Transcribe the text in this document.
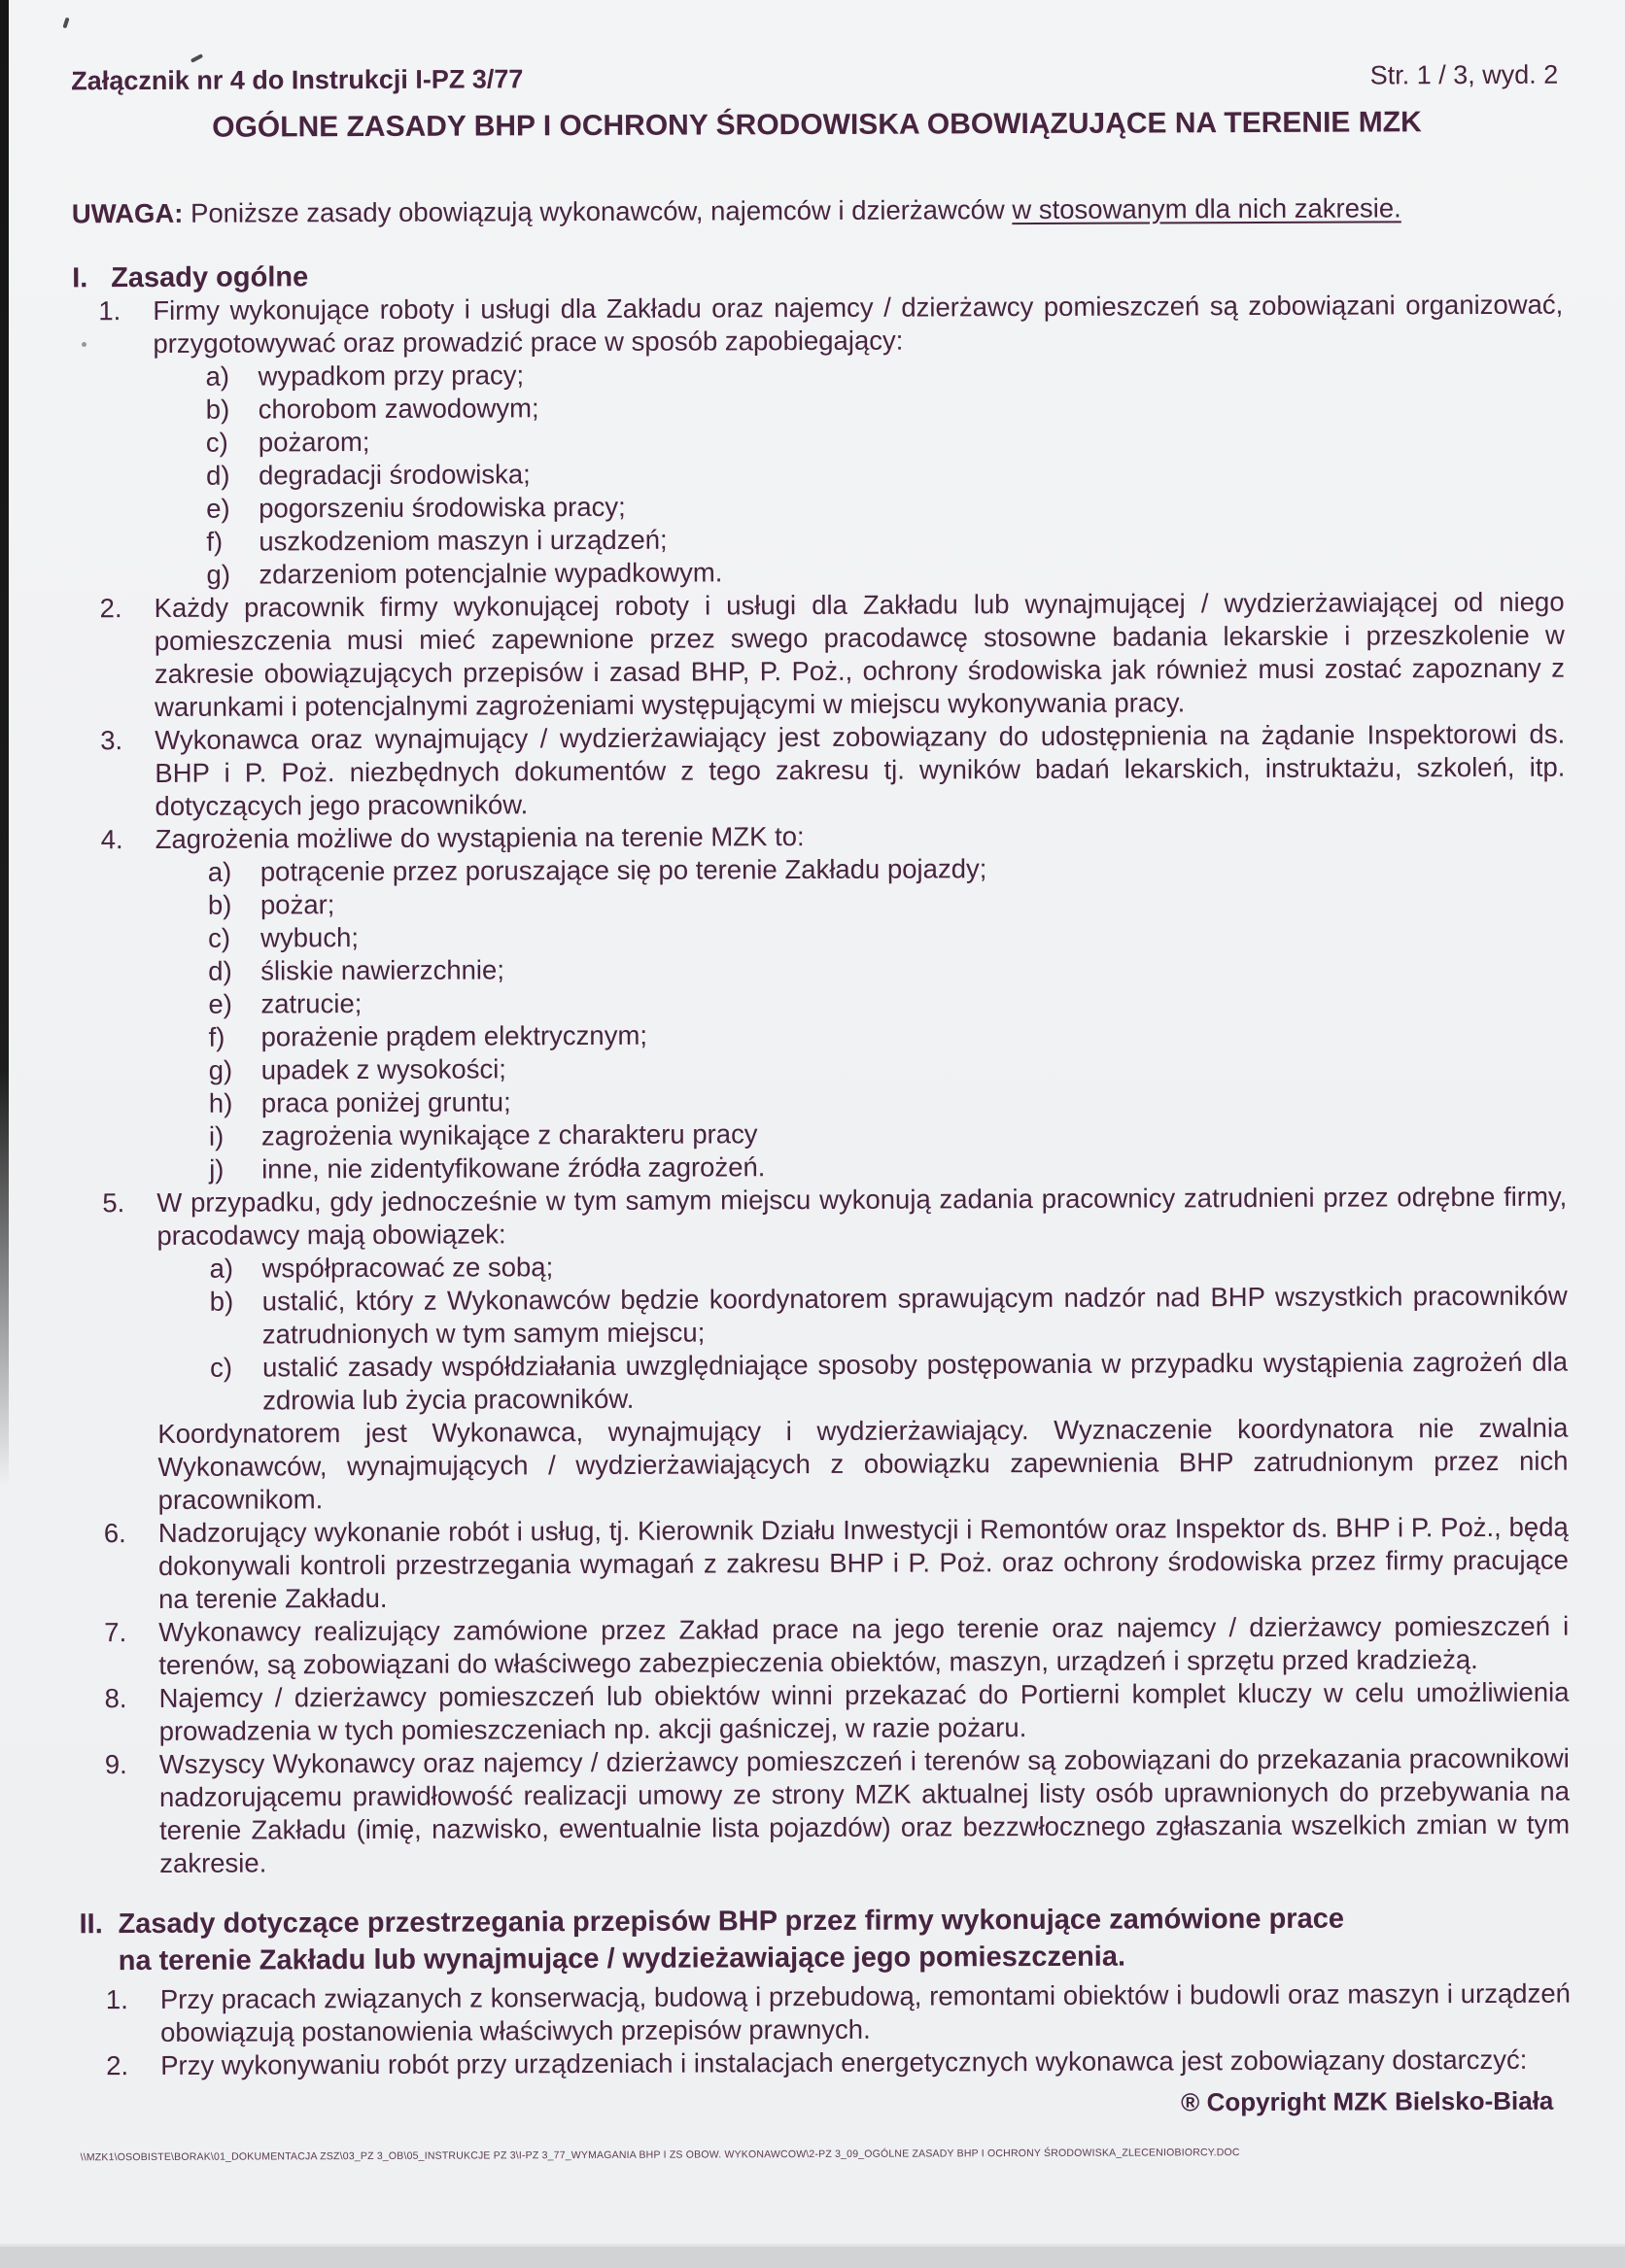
Załącznik nr 4 do Instrukcji I-PZ 3/77	Str. 1 / 3, wyd. 2
OGÓLNE ZASADY BHP I OCHRONY ŚRODOWISKA OBOWIĄZUJĄCE NA TERENIE MZK

UWAGA: Poniższe zasady obowiązują wykonawców, najemców i dzierżawców w stosowanym dla nich zakresie.

I. Zasady ogólne
1.	Firmy wykonujące roboty i usługi dla Zakładu oraz najemcy / dzierżawcy pomieszczeń są zobowiązani organizować, przygotowywać oraz prowadzić prace w sposób zapobiegający:

a)	wypadkom przy pracy;

b)	chorobom zawodowym;

c)	pożarom;

d)	degradacji środowiska;

e)	pogorszeniu środowiska pracy;

f)	uszkodzeniom maszyn i urządzeń;

g)	zdarzeniom potencjalnie wypadkowym.

2.	Każdy pracownik firmy wykonującej roboty i usługi dla Zakładu lub wynajmującej / wydzierżawiającej od niego pomieszczenia musi mieć zapewnione przez swego pracodawcę stosowne badania lekarskie i przeszkolenie w zakresie obowiązujących przepisów i zasad BHP, P. Poż., ochrony środowiska jak również musi zostać zapoznany z warunkami i potencjalnymi zagrożeniami występującymi w miejscu wykonywania pracy.

3.	Wykonawca oraz wynajmujący / wydzierżawiający jest zobowiązany do udostępnienia na żądanie Inspektorowi ds. BHP i P. Poż. niezbędnych dokumentów z tego zakresu tj. wyników badań lekarskich, instruktażu, szkoleń, itp. dotyczących jego pracowników.

4.	Zagrożenia możliwe do wystąpienia na terenie MZK to:

a)	potrącenie przez poruszające się po terenie Zakładu pojazdy;

b)	pożar;

c)	wybuch;

d)	śliskie nawierzchnie;

e)	zatrucie;

f)	porażenie prądem elektrycznym;

g)	upadek z wysokości;

h)	praca poniżej gruntu;

i)	zagrożenia wynikające z charakteru pracy

j)	inne, nie zidentyfikowane źródła zagrożeń.

5.	W przypadku, gdy jednocześnie w tym samym miejscu wykonują zadania pracownicy zatrudnieni przez odrębne firmy, pracodawcy mają obowiązek:

a)	współpracować ze sobą;

b)	ustalić, który z Wykonawców będzie koordynatorem sprawującym nadzór nad BHP wszystkich pracowników zatrudnionych w tym samym miejscu;

c)	ustalić zasady współdziałania uwzględniające sposoby postępowania w przypadku wystąpienia zagrożeń dla zdrowia lub życia pracowników.

Koordynatorem jest Wykonawca, wynajmujący i wydzierżawiający. Wyznaczenie koordynatora nie zwalnia Wykonawców, wynajmujących / wydzierżawiających z obowiązku zapewnienia BHP zatrudnionym przez nich pracownikom.

6.	Nadzorujący wykonanie robót i usług, tj. Kierownik Działu Inwestycji i Remontów oraz Inspektor ds. BHP i P. Poż., będą dokonywali kontroli przestrzegania wymagań z zakresu BHP i P. Poż. oraz ochrony środowiska przez firmy pracujące na terenie Zakładu.

7.	Wykonawcy realizujący zamówione przez Zakład prace na jego terenie oraz najemcy / dzierżawcy pomieszczeń i terenów, są zobowiązani do właściwego zabezpieczenia obiektów, maszyn, urządzeń i sprzętu przed kradzieżą.

8.	Najemcy / dzierżawcy pomieszczeń lub obiektów winni przekazać do Portierni komplet kluczy w celu umożliwienia prowadzenia w tych pomieszczeniach np. akcji gaśniczej, w razie pożaru.

9.	Wszyscy Wykonawcy oraz najemcy / dzierżawcy pomieszczeń i terenów są zobowiązani do przekazania pracownikowi nadzorującemu prawidłowość realizacji umowy ze strony MZK aktualnej listy osób uprawnionych do przebywania na terenie Zakładu (imię, nazwisko, ewentualnie lista pojazdów) oraz bezzwłocznego zgłaszania wszelkich zmian w tym zakresie.

II. Zasady dotyczące przestrzegania przepisów BHP przez firmy wykonujące zamówione prace na terenie Zakładu lub wynajmujące / wydzieżawiające jego pomieszczenia.
1.	Przy pracach związanych z konserwacją, budową i przebudową, remontami obiektów i budowli oraz maszyn i urządzeń obowiązują postanowienia właściwych przepisów prawnych.

2.	Przy wykonywaniu robót przy urządzeniach i instalacjach energetycznych wykonawca jest zobowiązany dostarczyć:

® Copyright MZK Bielsko-Biała
\\MZK1\OSOBISTE\BORAK\01_DOKUMENTACJA ZSZ\03_PZ 3_OB\05_INSTRUKCJE PZ 3\I-PZ 3_77_WYMAGANIA BHP I ZS OBOW. WYKONAWCOW\2-PZ 3_09_OGÓLNE ZASADY BHP I OCHRONY ŚRODOWISKA_ZLECENIOBIORCY.DOC
